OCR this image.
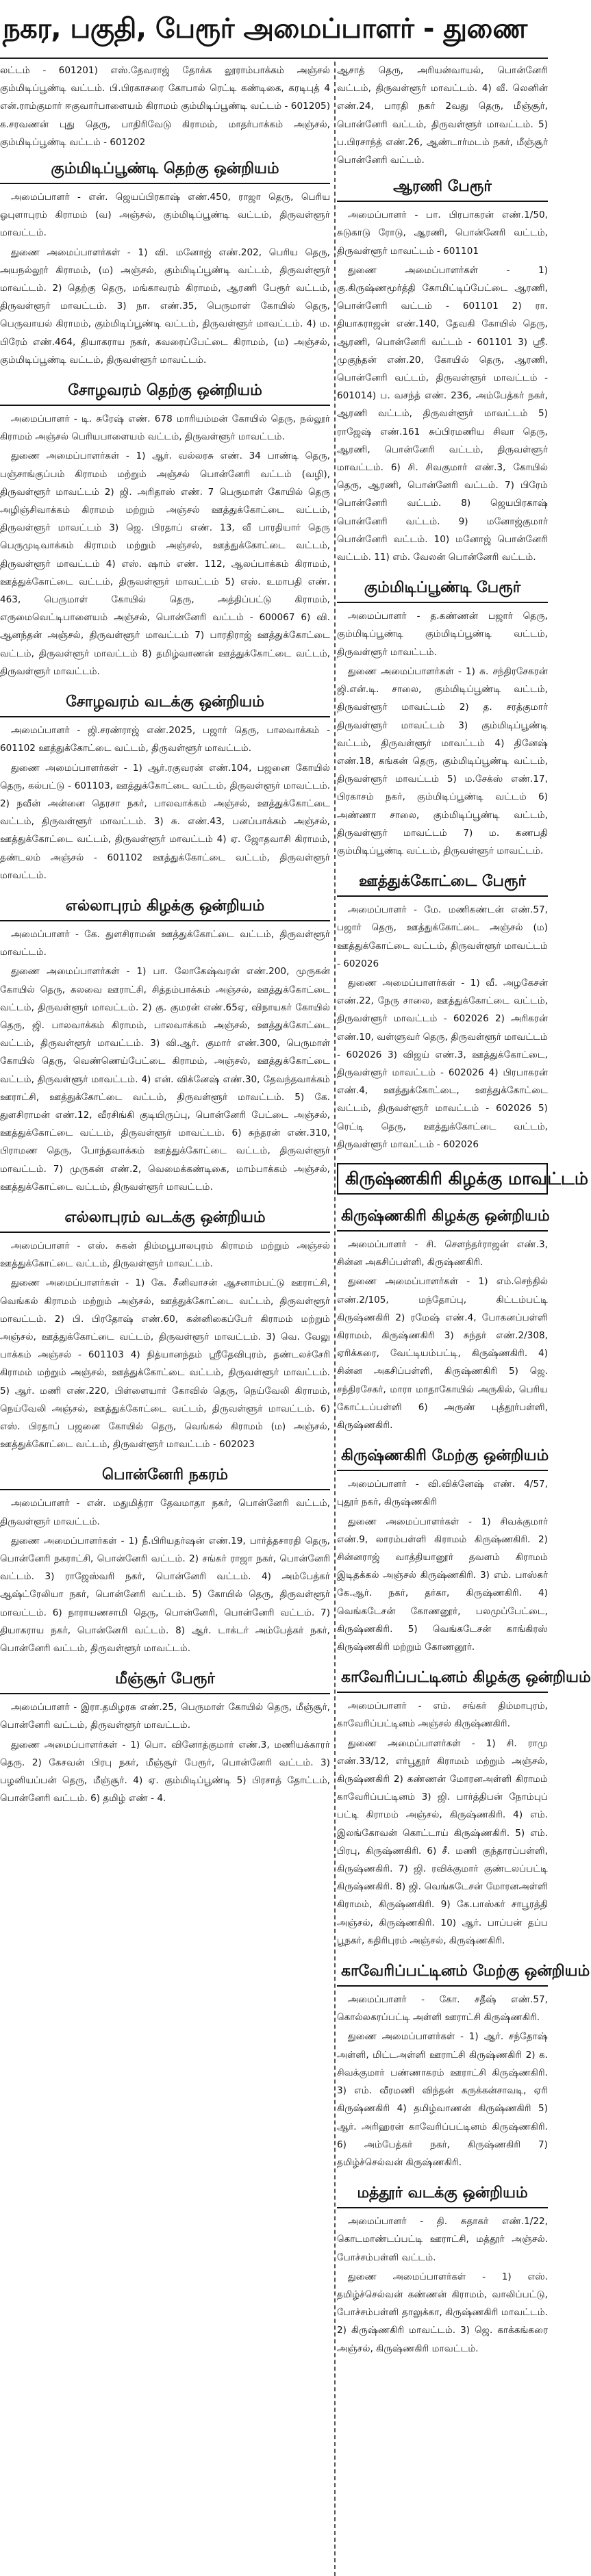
நகர, பகுதி, பேரூர் அமைப்பாளர் - துணை

லட்டம் - 601201) எஸ்.தேவராஜ் தோக்க லூராம்பாக்கம் அஞ்சல் கும்மிடிப்பூண்டி வட்டம். பி.பிரகாசரை கோபால் ரெட்டி கண்டிகை, கரடிபுத் 4 என்.ராம்குமார் ஈகுவார்பாளையம் கிராமம் கும்மிடிப்பூண்டி வட்டம் - 601205) க.சரவணன் புது தெரு, பாதிரிவேடு கிராமம், மாதர்பாக்கம் அஞ்சல், கும்மிடிப்பூண்டி வட்டம் - 601202

கும்மிடிப்பூண்டி தெற்கு ஒன்றியம்

அமைப்பாளர் - என். ஜெயப்பிரகாஷ் எண்.450, ராஜா தெரு, பெரிய ஓபுளாபுரம் கிராமம் (வ) அஞ்சல், கும்மிடிப்பூண்டி வட்டம், திருவள்ளூர் மாவட்டம்.

துணை அமைப்பாளர்கள் - 1) வி. மனோஜ் எண்.202, பெரிய தெரு, அயநல்லூர் கிராமம், (ம) அஞ்சல், கும்மிடிப்பூண்டி வட்டம், திருவள்ளூர் மாவட்டம். 2) தெற்கு தெரு, மங்காவரம் கிராமம், ஆரணி பேரூர் வட்டம், திருவள்ளூர் மாவட்டம். 3) நா. எண்.35, பெருமாள் கோயில் தெரு, பெருவாயல் கிராமம், கும்மிடிப்பூண்டி வட்டம், திருவள்ளூர் மாவட்டம். 4) ம. பிரேம் எண்.464, தியாகராய நகர், கவரைப்பேட்டை கிராமம், (ம) அஞ்சல், கும்மிடிப்பூண்டி வட்டம், திருவள்ளூர் மாவட்டம்.

சோழவரம் தெற்கு ஒன்றியம்

அமைப்பாளர் - டி. சுரேஷ் எண். 678 மாரியம்மன் கோயில் தெரு, நல்லூர் கிராமம் அஞ்சல் பெரியபாளையம் வட்டம், திருவள்ளூர் மாவட்டம்.

துணை அமைப்பாளர்கள் - 1) ஆர். வல்லரசு எண். 34 பாண்டி தெரு, பஞ்சாங்குப்பம் கிராமம் மற்றும் அஞ்சல் பொன்னேரி வட்டம் (வழி), திருவள்ளூர் மாவட்டம் 2) ஜி. அரிதாஸ் எண். 7 பெருமாள் கோயில் தெரு அழிஞ்சிவாக்கம் கிராமம் மற்றும் அஞ்சல் ஊத்துக்கோட்டை வட்டம், திருவள்ளூர் மாவட்டம் 3) ஜெ. பிரதாப் எண். 13, வீ பாரதியார் தெரு பெருமுடிவாக்கம் கிராமம் மற்றும் அஞ்சல், ஊத்துக்கோட்டை வட்டம், திருவள்ளூர் மாவட்டம் 4) எஸ். ஷாம் எண். 112, ஆலப்பாக்கம் கிராமம், ஊத்துக்கோட்டை வட்டம், திருவள்ளூர் மாவட்டம் 5) எஸ். உமாபதி எண். 463, பெருமாள் கோயில் தெரு, அத்திப்பட்டு கிராமம், எருமைவெட்டிபாளையம் அஞ்சல், பொன்னேரி வட்டம் - 600067 6) வி. ஆனந்தன் அஞ்சல், திருவள்ளூர் மாவட்டம் 7) பாரதிராஜ் ஊத்துக்கோட்டை வட்டம், திருவள்ளூர் மாவட்டம் 8) தமிழ்வாணன் ஊத்துக்கோட்டை வட்டம், திருவள்ளூர் மாவட்டம்.

சோழவரம் வடக்கு ஒன்றியம்

அமைப்பாளர் - ஜி.சரண்ராஜ் எண்.2025, பஜார் தெரு, பாலவாக்கம் - 601102 ஊத்துக்கோட்டை வட்டம், திருவள்ளூர் மாவட்டம்.

துணை அமைப்பாளர்கள் - 1) ஆர்.ரகுவரன் எண்.104, பஜனை கோயில் தெரு, கல்பட்டு - 601103, ஊத்துக்கோட்டை வட்டம், திருவள்ளூர் மாவட்டம். 2) நவீன் அன்னை தெரசா நகர், பாலவாக்கம் அஞ்சல், ஊத்துக்கோட்டை வட்டம், திருவள்ளூர் மாவட்டம். 3) சு. எண்.43, பனப்பாக்கம் அஞ்சல், ஊத்துக்கோட்டை வட்டம், திருவள்ளூர் மாவட்டம் 4) ஏ. ஜோதவாசி கிராமம், தண்டலம் அஞ்சல் - 601102 ஊத்துக்கோட்டை வட்டம், திருவள்ளூர் மாவட்டம்.

எல்லாபுரம் கிழக்கு ஒன்றியம்

அமைப்பாளர் - கே. துளசிராமன் ஊத்துக்கோட்டை வட்டம், திருவள்ளூர் மாவட்டம்.

துணை அமைப்பாளர்கள் - 1) பா. லோகேஷ்வரன் எண்.200, முருகன் கோயில் தெரு, கலவை ஊராட்சி, சித்தம்பாக்கம் அஞ்சல், ஊத்துக்கோட்டை வட்டம், திருவள்ளூர் மாவட்டம். 2) கு. குமரன் எண்.65ஏ, விநாயகர் கோயில் தெரு, ஜி. பாலவாக்கம் கிராமம், பாலவாக்கம் அஞ்சல், ஊத்துக்கோட்டை வட்டம், திருவள்ளூர் மாவட்டம். 3) வி.ஆர். குமார் எண்.300, பெருமாள் கோயில் தெரு, வெண்ணெய்பேட்டை கிராமம், அஞ்சல், ஊத்துக்கோட்டை வட்டம், திருவள்ளூர் மாவட்டம். 4) என். விக்னேஷ் எண்.30, தேவந்தவாக்கம் ஊராட்சி, ஊத்துக்கோட்டை வட்டம், திருவள்ளூர் மாவட்டம். 5) கே. துளசிராமன் எண்.12, வீரசிங்கி குடியிருப்பு, பொன்னேரி பேட்டை அஞ்சல், ஊத்துக்கோட்டை வட்டம், திருவள்ளூர் மாவட்டம். 6) சுந்தரன் எண்.310, பிராமண தெரு, போந்தவாக்கம் ஊத்துக்கோட்டை வட்டம், திருவள்ளூர் மாவட்டம். 7) முருகன் எண்.2, வெமைக்கண்டிகை, மாம்பாக்கம் அஞ்சல், ஊத்துக்கோட்டை வட்டம், திருவள்ளூர் மாவட்டம்.

எல்லாபுரம் வடக்கு ஒன்றியம்

அமைப்பாளர் - எஸ். சுகன் திம்மபூபாலபுரம் கிராமம் மற்றும் அஞ்சல் ஊத்துக்கோட்டை வட்டம், திருவள்ளூர் மாவட்டம்.

துணை அமைப்பாளர்கள் - 1) கே. சீனிவாசன் ஆசனாம்பட்டு ஊராட்சி, வெங்கல் கிராமம் மற்றும் அஞ்சல், ஊத்துக்கோட்டை வட்டம், திருவள்ளூர் மாவட்டம். 2) பி. பிரதோஷ் எண்.60, கன்னிகைப்பேர் கிராமம் மற்றும் அஞ்சல், ஊத்துக்கோட்டை வட்டம், திருவள்ளூர் மாவட்டம். 3) வெ. வேலு பாக்கம் அஞ்சல் - 601103 4) நித்யானந்தம் ஸ்ரீதேவிபுரம், தண்டலச்சேரி கிராமம் மற்றும் அஞ்சல், ஊத்துக்கோட்டை வட்டம், திருவள்ளூர் மாவட்டம். 5) ஆர். மணி எண்.220, பிள்ளையார் கோவில் தெரு, நெய்வேலி கிராமம், நெய்வேலி அஞ்சல், ஊத்துக்கோட்டை வட்டம், திருவள்ளூர் மாவட்டம். 6) எஸ். பிரதாப் பஜனை கோயில் தெரு, வெங்கல் கிராமம் (ம) அஞ்சல், ஊத்துக்கோட்டை வட்டம், திருவள்ளூர் மாவட்டம் - 602023

பொன்னேரி நகரம்

அமைப்பாளர் - என். மதுமித்ரா தேவமாதா நகர், பொன்னேரி வட்டம், திருவள்ளூர் மாவட்டம்.

துணை அமைப்பாளர்கள் - 1) நீ.பிரியதர்ஷன் எண்.19, பார்த்தசாரதி தெரு, பொன்னேரி நகராட்சி, பொன்னேரி வட்டம். 2) சங்கர் ராஜா நகர், பொன்னேரி வட்டம். 3) ராஜேஸ்வரி நகர், பொன்னேரி வட்டம். 4) அம்பேத்கர் ஆஷ்ட்ரேலியா நகர், பொன்னேரி வட்டம். 5) கோயில் தெரு, திருவள்ளூர் மாவட்டம். 6) நாராயணசாமி தெரு, பொன்னேரி, பொன்னேரி வட்டம். 7) தியாகராய நகர், பொன்னேரி வட்டம். 8) ஆர். டாக்டர் அம்பேத்கர் நகர், பொன்னேரி வட்டம், திருவள்ளூர் மாவட்டம்.

மீஞ்சூர் பேரூர்

அமைப்பாளர் - இரா.தமிழரசு எண்.25, பெருமாள் கோயில் தெரு, மீஞ்சூர், பொன்னேரி வட்டம், திருவள்ளூர் மாவட்டம்.

துணை அமைப்பாளர்கள் - 1) பொ. வினோத்குமார் எண்.3, மணியக்காரர் தெரு. 2) கேசவன் பிரபு நகர், மீஞ்சூர் பேரூர், பொன்னேரி வட்டம். 3) பழனியப்பன் தெரு, மீஞ்சூர். 4) ஏ. கும்மிடிப்பூண்டி 5) பிரசாத் தோட்டம், பொன்னேரி வட்டம். 6) தமிழ் எண் - 4.

ஆசாத் தெரு, அரியன்வாயல், பொன்னேரி வட்டம், திருவள்ளூர் மாவட்டம். 4) வீ. லெனின் எண்.24, பாரதி நகர் 2வது தெரு, மீஞ்சூர், பொன்னேரி வட்டம், திருவள்ளூர் மாவட்டம். 5) ப.பிரசாந்த் எண்.26, ஆண்டார்மடம் நகர், மீஞ்சூர் பொன்னேரி வட்டம்.

ஆரணி பேரூர்

அமைப்பாளர் - பா. பிரபாகரன் எண்.1/50, சுடுகாடு ரோடு, ஆரணி, பொன்னேரி வட்டம், திருவள்ளூர் மாவட்டம் - 601101

துணை அமைப்பாளர்கள் - 1) கு.கிருஷ்ணமூர்த்தி கோமிட்டிப்பேட்டை ஆரணி, பொன்னேரி வட்டம் - 601101 2) ரா. தியாகராஜன் எண்.140, தேவகி கோயில் தெரு, ஆரணி, பொன்னேரி வட்டம் - 601101 3) ஸ்ரீ. முகுந்தன் எண்.20, கோயில் தெரு, ஆரணி, பொன்னேரி வட்டம், திருவள்ளூர் மாவட்டம் - 601014) ப. வசந்த் எண். 236, அம்பேத்கர் நகர், ஆரணி வட்டம், திருவள்ளூர் மாவட்டம் 5) ராஜேஷ் எண்.161 சுப்பிரமணிய சிவா தெரு, ஆரணி, பொன்னேரி வட்டம், திருவள்ளூர் மாவட்டம். 6) சி. சிவகுமார் எண்.3, கோயில் தெரு, ஆரணி, பொன்னேரி வட்டம். 7) பிரேம் பொன்னேரி வட்டம். 8) ஜெயபிரகாஷ் பொன்னேரி வட்டம். 9) மனோஜ்குமார் பொன்னேரி வட்டம். 10) மனோஜ் பொன்னேரி வட்டம். 11) எம். வேலன் பொன்னேரி வட்டம்.

கும்மிடிப்பூண்டி பேரூர்

அமைப்பாளர் - த.கண்ணன் பஜார் தெரு, கும்மிடிப்பூண்டி கும்மிடிப்பூண்டி வட்டம், திருவள்ளூர் மாவட்டம்.

துணை அமைப்பாளர்கள் - 1) சு. சந்திரசேகரன் ஜி.என்.டி. சாலை, கும்மிடிப்பூண்டி வட்டம், திருவள்ளூர் மாவட்டம் 2) த. சரத்குமார் திருவள்ளூர் மாவட்டம் 3) கும்மிடிப்பூண்டி வட்டம், திருவள்ளூர் மாவட்டம் 4) தினேஷ் எண்.18, கங்கன் தெரு, கும்மிடிப்பூண்டி வட்டம், திருவள்ளூர் மாவட்டம் 5) ம.சேக்ஸ் எண்.17, பிரகாசம் நகர், கும்மிடிப்பூண்டி வட்டம் 6) அண்ணா சாலை, கும்மிடிப்பூண்டி வட்டம், திருவள்ளூர் மாவட்டம் 7) ம. கணபதி கும்மிடிப்பூண்டி வட்டம், திருவள்ளூர் மாவட்டம்.

ஊத்துக்கோட்டை பேரூர்

அமைப்பாளர் - மே. மணிகண்டன் எண்.57, பஜார் தெரு, ஊத்துக்கோட்டை அஞ்சல் (ம) ஊத்துக்கோட்டை வட்டம், திருவள்ளூர் மாவட்டம் - 602026

துணை அமைப்பாளர்கள் - 1) வீ. அழகேசன் எண்.22, நேரு சாலை, ஊத்துக்கோட்டை வட்டம், திருவள்ளூர் மாவட்டம் - 602026 2) அரிகரன் எண்.10, வள்ளுவர் தெரு, திருவள்ளூர் மாவட்டம் - 602026 3) விஜய் எண்.3, ஊத்துக்கோட்டை, திருவள்ளூர் மாவட்டம் - 602026 4) பிரபாகரன் எண்.4, ஊத்துக்கோட்டை, ஊத்துக்கோட்டை வட்டம், திருவள்ளூர் மாவட்டம் - 602026 5) ரெட்டி தெரு, ஊத்துக்கோட்டை வட்டம், திருவள்ளூர் மாவட்டம் - 602026

கிருஷ்ணகிரி கிழக்கு மாவட்டம்
கிருஷ்ணகிரி கிழக்கு ஒன்றியம்

அமைப்பாளர் - சி. சௌந்தர்ராஜன் எண்.3, சின்ன அகசிப்பள்ளி, கிருஷ்ணகிரி.

துணை அமைப்பாளர்கள் - 1) எம்.செந்தில் எண்.2/105, மந்தோப்பு, கிட்டம்பட்டி கிருஷ்ணகிரி 2) ரமேஷ் எண்.4, போகனப்பள்ளி கிராமம், கிருஷ்ணகிரி 3) சுந்தர் எண்.2/308, ஏரிக்கரை, வேட்டியம்பட்டி, கிருஷ்ணகிரி. 4) சின்ன அகசிப்பள்ளி, கிருஷ்ணகிரி 5) ஜெ. சந்திரசேகர், மாரா மாதாகோயில் அருகில், பெரிய கோட்டப்பள்ளி 6) அருண் புத்தூர்பள்ளி, கிருஷ்ணகிரி.

கிருஷ்ணகிரி மேற்கு ஒன்றியம்

அமைப்பாளர் - வி.விக்னேஷ் எண். 4/57, புதூர் நகர், கிருஷ்ணகிரி

துணை அமைப்பாளர்கள் - 1) சிவக்குமார் எண்.9, லாரம்பள்ளி கிராமம் கிருஷ்ணகிரி. 2) சின்னராஜ் வாத்தியானூர் தவளம் கிராமம் இடிதக்கல் அஞ்சல் கிருஷ்ணகிரி. 3) எம். பாஸ்கர் கே.ஆர். நகர், தர்கா, கிருஷ்ணகிரி. 4) வெங்கடேசன் கோணனூர், பலமுப்பேட்டை, கிருஷ்ணகிரி. 5) வெங்கடேசன் காங்கிரஸ் கிருஷ்ணகிரி மற்றும் கோணனூர்.

காவேரிப்பட்டினம் கிழக்கு ஒன்றியம்

அமைப்பாளர் - எம். சங்கர் திம்மாபுரம், காவேரிப்பட்டினம் அஞ்சல் கிருஷ்ணகிரி.

துணை அமைப்பாளர்கள் - 1) சி. ராமு எண்.33/12, எர்பூதூர் கிராமம் மற்றும் அஞ்சல், கிருஷ்ணகிரி 2) கண்ணன் மோரனஅள்ளி கிராமம் காவேரிப்பட்டினம் 3) ஜி. பார்த்திபன் நோம்புப் பட்டி கிராமம் அஞ்சல், கிருஷ்ணகிரி. 4) எம். இலங்கோவன் கொட்டாய் கிருஷ்ணகிரி. 5) எம். பிரபு, கிருஷ்ணகிரி. 6) சீ. மணி குந்தாரப்பள்ளி, கிருஷ்ணகிரி. 7) ஜி. ரவிக்குமார் குண்டலப்பட்டி கிருஷ்ணகிரி. 8) ஜி. வெங்கடேசன் மோரனஅள்ளி கிராமம், கிருஷ்ணகிரி. 9) கே.பாஸ்கர் சாபூரத்தி அஞ்சல், கிருஷ்ணகிரி. 10) ஆர். பாப்பன் தப்ப பூநகர், கதிரிபுரம் அஞ்சல், கிருஷ்ணகிரி.

காவேரிப்பட்டினம் மேற்கு ஒன்றியம்

அமைப்பாளர் - கோ. சதீஷ் எண்.57, கொல்லகரப்பட்டி அள்ளி ஊராட்சி கிருஷ்ணகிரி.

துணை அமைப்பாளர்கள் - 1) ஆர். சந்தோஷ் அள்ளி, மிட்டஅள்ளி ஊராட்சி கிருஷ்ணகிரி 2) க. சிவக்குமார் பண்ணாகரம் ஊராட்சி கிருஷ்ணகிரி. 3) எம். வீரமணி விந்தன் கருக்கன்சாவடி, ஏரி கிருஷ்ணகிரி 4) தமிழ்வாணன் கிருஷ்ணகிரி 5) ஆர். அரிஹரன் காவேரிப்பட்டினம் கிருஷ்ணகிரி. 6) அம்பேத்கர் நகர், கிருஷ்ணகிரி 7) தமிழ்ச்செல்வன் கிருஷ்ணகிரி.

மத்தூர் வடக்கு ஒன்றியம்

அமைப்பாளர் - தி. சுதாகர் எண்.1/22, கொடமாண்டப்பட்டி ஊராட்சி, மத்தூர் அஞ்சல். போச்சம்பள்ளி வட்டம்.

துணை அமைப்பாளர்கள் - 1) எஸ். தமிழ்ச்செல்வன் கண்ணன் கிராமம், வாலிப்பட்டு, போச்சம்பள்ளி தாலுக்கா, கிருஷ்ணகிரி மாவட்டம். 2) கிருஷ்ணகிரி மாவட்டம். 3) ஜெ. காக்கங்கரை அஞ்சல், கிருஷ்ணகிரி மாவட்டம்.
